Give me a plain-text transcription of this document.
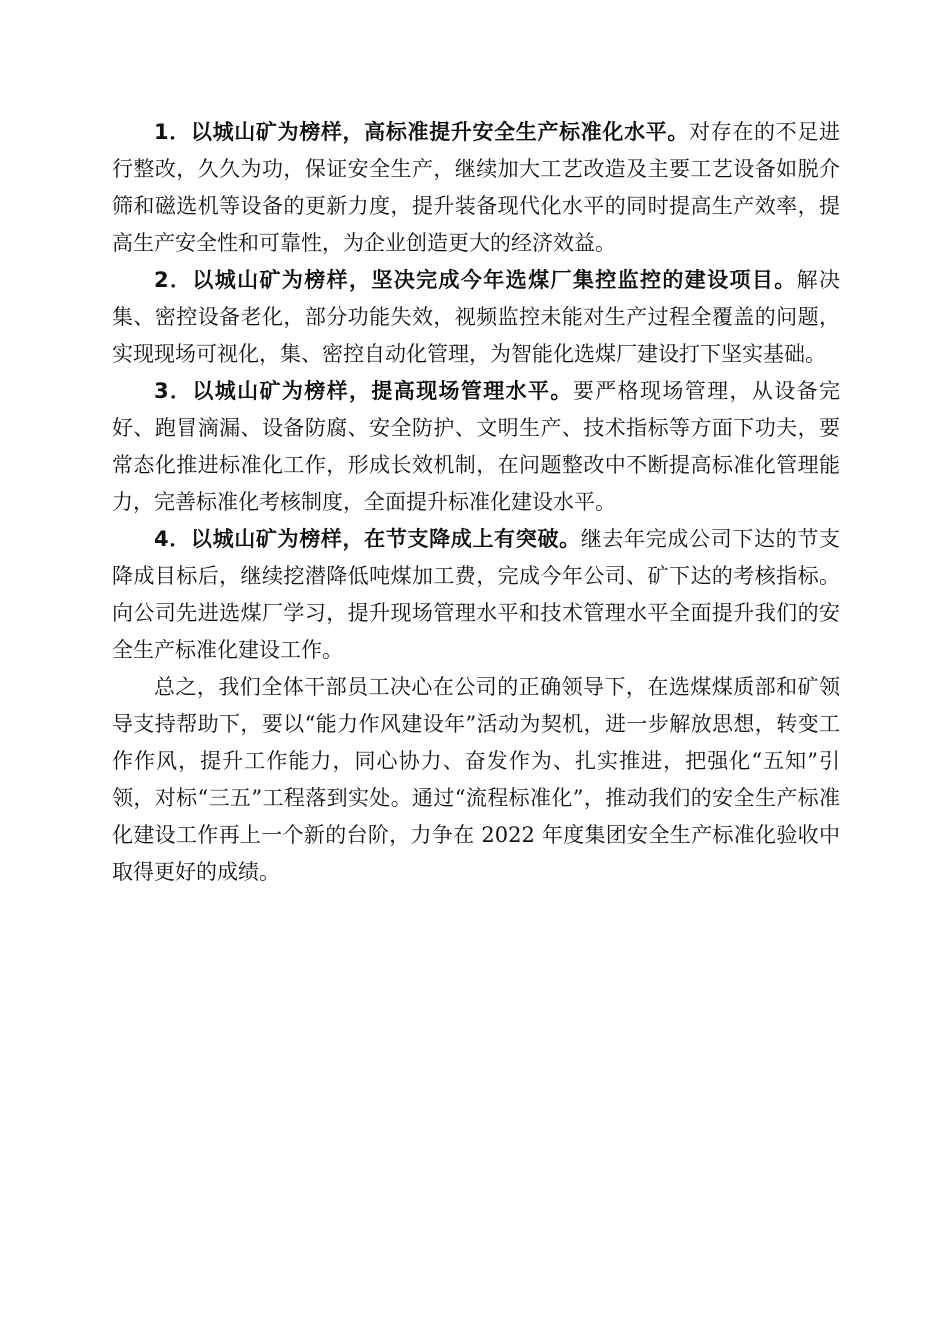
1．以城山矿为榜样，高标准提升安全生产标准化水平。对存在的不足进行整改，久久为功，保证安全生产，继续加大工艺改造及主要工艺设备如脱介筛和磁选机等设备的更新力度，提升装备现代化水平的同时提高生产效率，提高生产安全性和可靠性，为企业创造更大的经济效益。

2．以城山矿为榜样，坚决完成今年选煤厂集控监控的建设项目。解决集、密控设备老化，部分功能失效，视频监控未能对生产过程全覆盖的问题，实现现场可视化，集、密控自动化管理，为智能化选煤厂建设打下坚实基础。

3．以城山矿为榜样，提高现场管理水平。要严格现场管理，从设备完好、跑冒滴漏、设备防腐、安全防护、文明生产、技术指标等方面下功夫，要常态化推进标准化工作，形成长效机制，在问题整改中不断提高标准化管理能力，完善标准化考核制度，全面提升标准化建设水平。

4．以城山矿为榜样，在节支降成上有突破。继去年完成公司下达的节支降成目标后，继续挖潜降低吨煤加工费，完成今年公司、矿下达的考核指标。向公司先进选煤厂学习，提升现场管理水平和技术管理水平全面提升我们的安全生产标准化建设工作。

总之，我们全体干部员工决心在公司的正确领导下，在选煤煤质部和矿领导支持帮助下，要以“能力作风建设年”活动为契机，进一步解放思想，转变工作作风，提升工作能力，同心协力、奋发作为、扎实推进，把强化“五知”引领，对标“三五”工程落到实处。通过“流程标准化”，推动我们的安全生产标准化建设工作再上一个新的台阶，力争在 2022 年度集团安全生产标准化验收中取得更好的成绩。
